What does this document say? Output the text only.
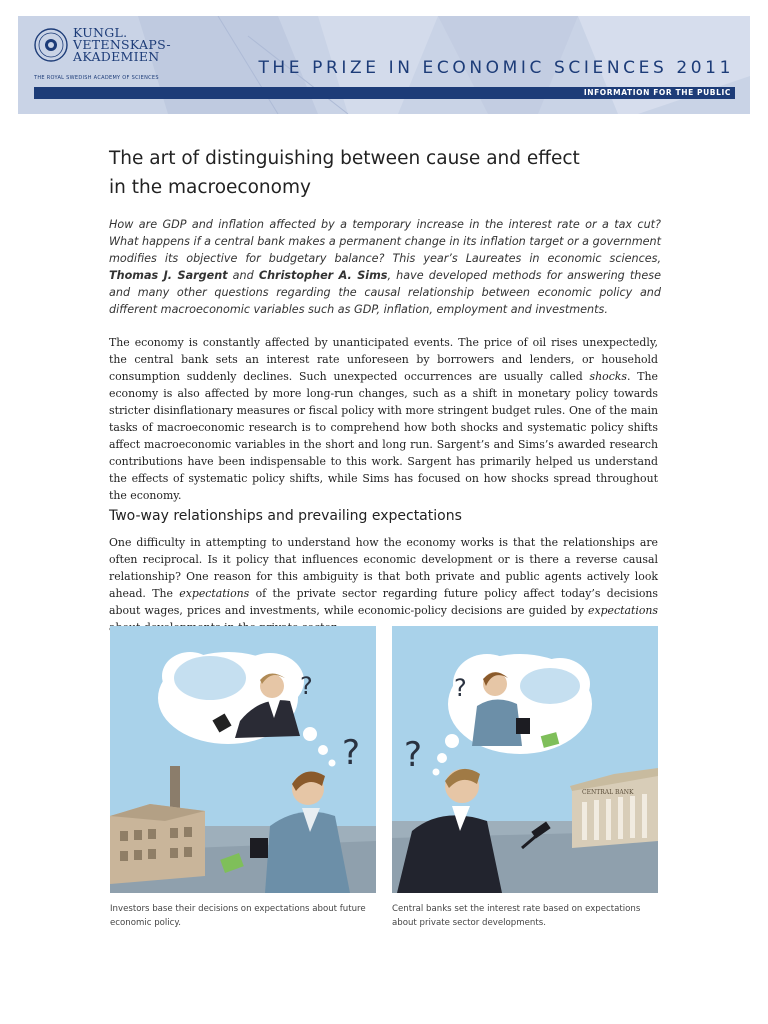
KUNGL.
VETENSKAPS-
AKADEMIEN
THE ROYAL SWEDISH ACADEMY OF SCIENCES	THE PRIZE IN ECONOMIC SCIENCES 2011
INFORMATION FOR THE PUBLIC
The art of distinguishing between cause and effect
in the macroeconomy
How are GDP and inflation affected by a temporary increase in the interest rate or a tax cut? What happens if a central bank makes a permanent change in its inflation target or a government modifies its objective for budgetary balance? This year’s Laureates in economic sciences, Thomas J. Sargent and Christopher A. Sims, have developed methods for answering these and many other questions regarding the causal relationship between economic policy and different macroeconomic variables such as GDP, inflation, employment and investments.
The economy is constantly affected by unanticipated events. The price of oil rises unexpectedly, the central bank sets an interest rate unforeseen by borrowers and lenders, or household consumption suddenly declines. Such unexpected occurrences are usually called shocks. The economy is also affected by more long-run changes, such as a shift in monetary policy towards stricter disinflationary measures or fiscal policy with more stringent budget rules. One of the main tasks of macroeconomic research is to comprehend how both shocks and systematic policy shifts affect macroeconomic variables in the short and long run. Sargent’s and Sims’s awarded research contributions have been indispensable to this work. Sargent has primarily helped us understand the effects of systematic policy shifts, while Sims has focused on how shocks spread throughout the economy.
Two-way relationships and prevailing expectations
One difficulty in attempting to understand how the economy works is that the relationships are often reciprocal. Is it policy that influences economic development or is there a reverse causal relationship? One reason for this ambiguity is that both private and public agents actively look ahead. The expectations of the private sector regarding future policy affect today’s decisions about wages, prices and investments, while economic-policy decisions are guided by expectations
?
?
?
?
CENTRAL BANK
Investors base their decisions on expectations about future economic policy.
Central banks set the interest rate based on expectations about private sector developments.
